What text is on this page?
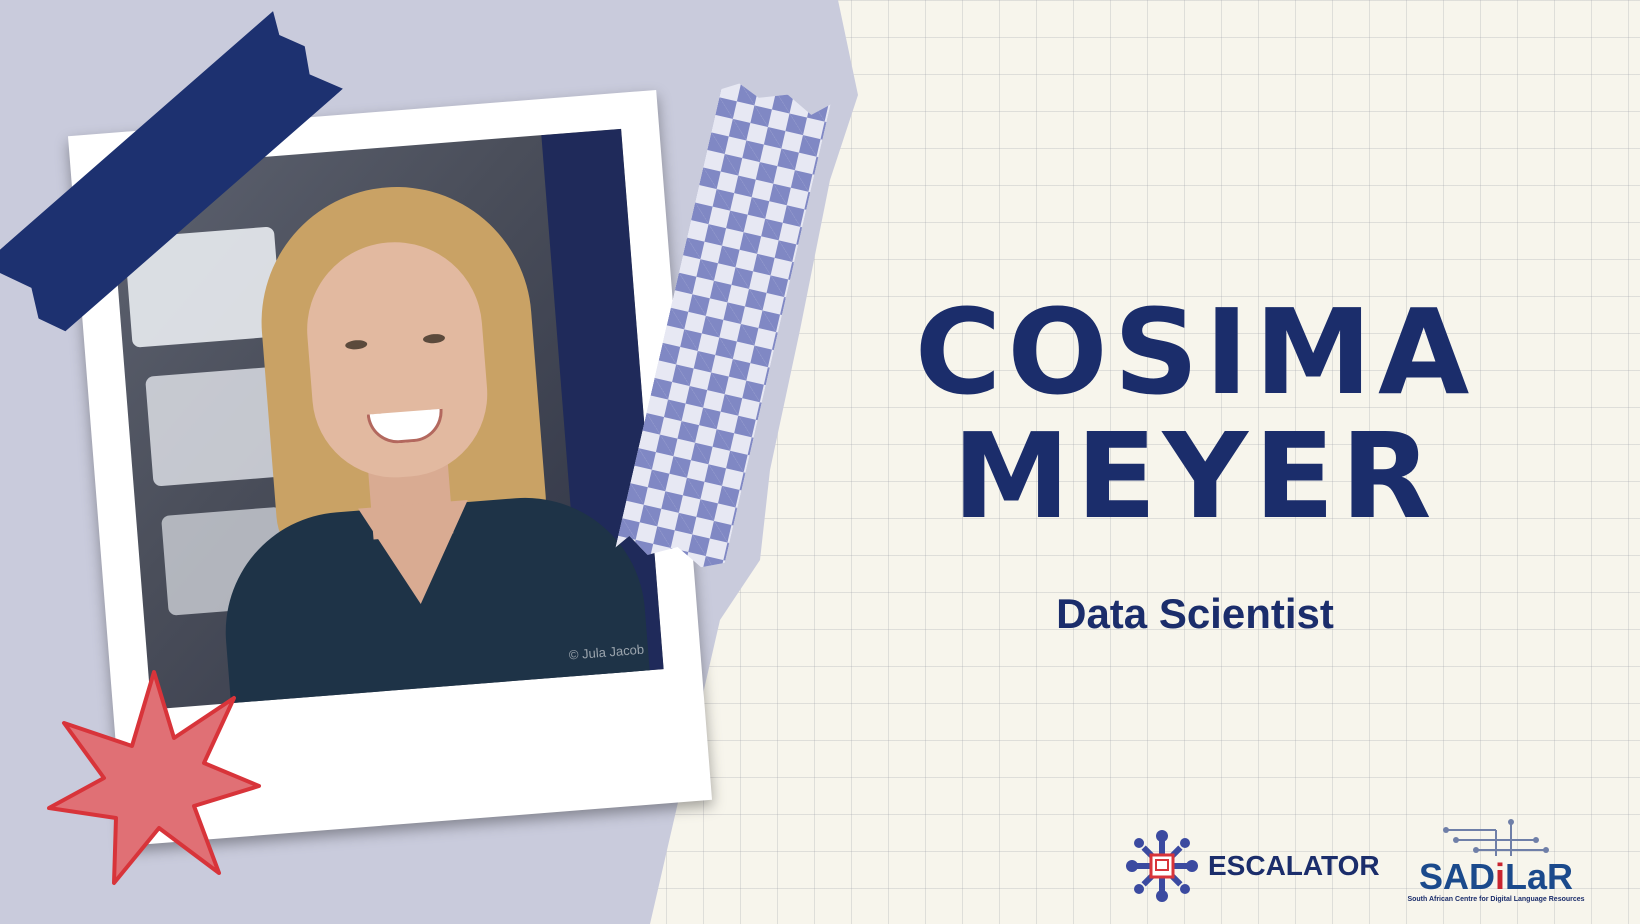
© Jula Jacob
COSIMA
MEYER
Data Scientist
ESCALATOR	SADiLaR
South African Centre for Digital Language Resources
